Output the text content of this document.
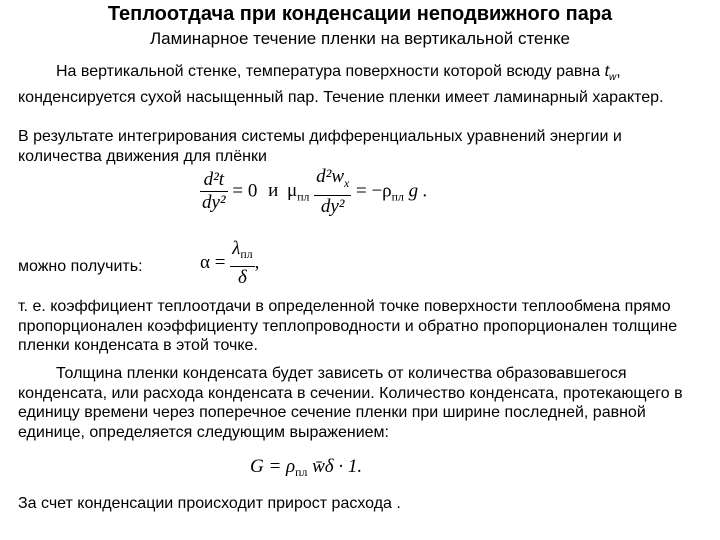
Теплоотдача при конденсации неподвижного пара
Ламинарное течение пленки на вертикальной стенке
На вертикальной стенке, температура поверхности которой всюду равна $t_w$, конденсируется сухой насыщенный пар. Течение пленки имеет ламинарный характер.
В результате интегрирования системы дифференциальных уравнений энергии и количества движения для плёнки
$\frac{\text{d²t}}{\text{dy²}} = 0$ и $\mu_{пл} \frac{d^2w_x}{\text{dy²}} = -\rho_{пл}$ g .
можно получить:	$\alpha = \frac{\lambda_{пл}}{\delta}$ ,
т. е. коэффициент теплоотдачи в определенной точке поверхности теплообмена прямо пропорционален коэффициенту теплопроводности и обратно пропорционален толщине пленки конденсата в этой точке.
Толщина пленки конденсата будет зависеть от количества образовавшегося конденсата, или расхода конденсата в сечении. Количество конденсата, протекающего в единицу времени через поперечное сечение пленки при ширине последней, равной единице, определяется следующим выражением:
$G = \rho_{пл}$ w̄δ · 1.
За счет конденсации происходит прирост расхода .
